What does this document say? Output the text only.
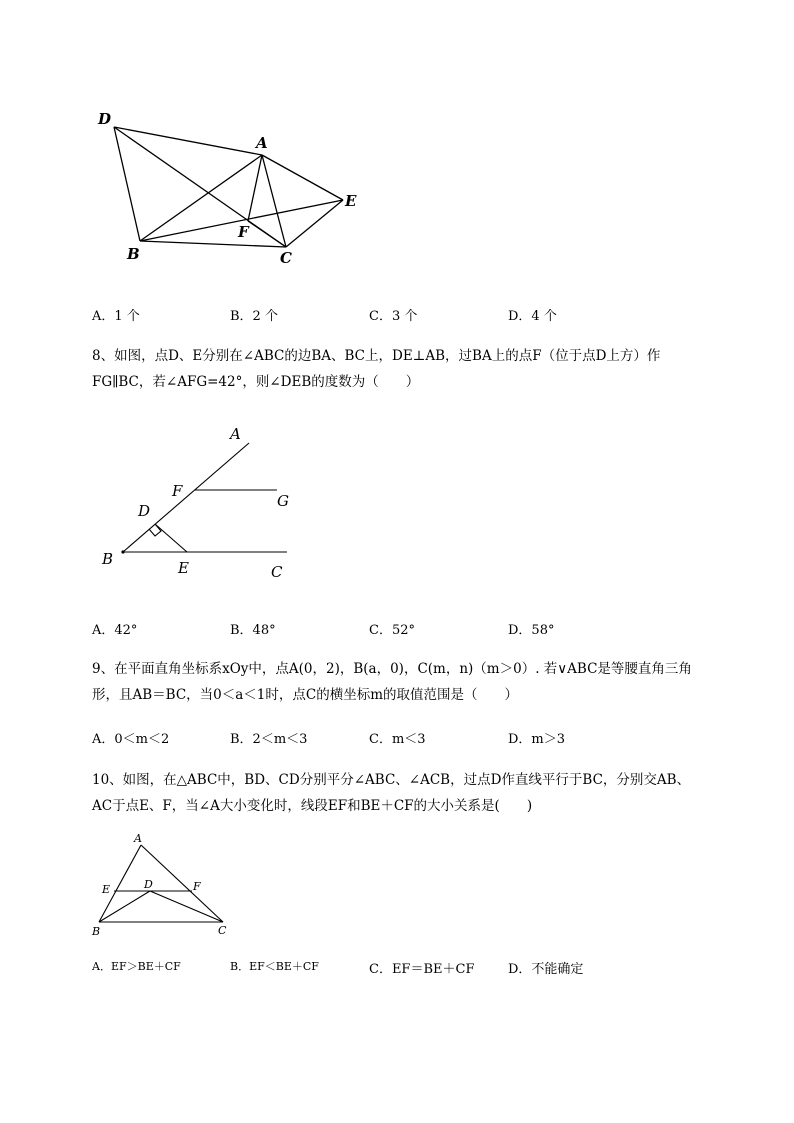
D
A
E
F
B	C
A．1 个	B．2 个	C．3 个	D．4 个
8、如图，点D、E分别在∠ABC的边BA、BC上，DE⊥AB，过BA上的点F（位于点D上方）作
FG∥BC，若∠AFG=42°，则∠DEB的度数为（　　）
A
F
G
D
B	E	C
A．42°	B．48°	C．52°	D．58°
9、在平面直角坐标系xOy中，点A(0，2)，B(a，0)，C(m，n)（m＞0）. 若∨ABC是等腰直角三角
形，且AB＝BC，当0＜a＜1时，点C的横坐标m的取值范围是（　　）
A．0＜m＜2	B．2＜m＜3	C．m＜3	D．m＞3
10、如图，在△ABC中，BD、CD分别平分∠ABC、∠ACB，过点D作直线平行于BC，分别交AB、
AC于点E、F，当∠A大小变化时，线段EF和BE＋CF的大小关系是(　　)
A
E	D	F
B	C
A．EF＞BE＋CF	B．EF＜BE＋CF	C．EF＝BE＋CF	D．不能确定
